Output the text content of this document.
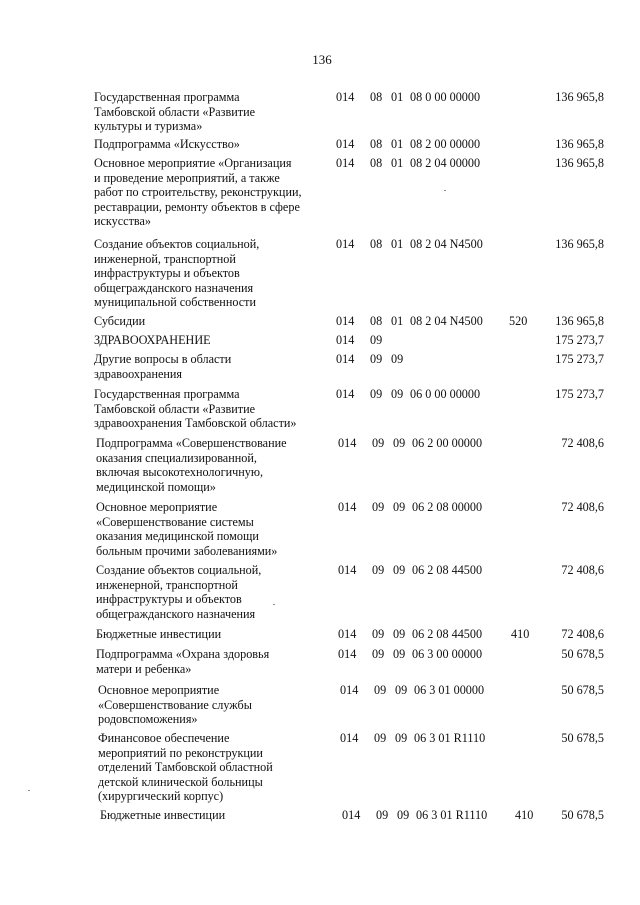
136
Государственная программа
Тамбовской области «Развитие
культуры и туризма»
014 08 01 08 0 00 00000	136 965,8
Подпрограмма «Искусство»	014 08 01 08 2 00 00000	136 965,8
Основное мероприятие «Организация
и проведение мероприятий, а также
работ по строительству, реконструкции,
реставрации, ремонту объектов в сфере
искусства»
014 08 01 08 2 04 00000	136 965,8
Создание объектов социальной,
инженерной, транспортной
инфраструктуры и объектов
общегражданского назначения
муниципальной собственности
014 08 01 08 2 04 N4500	136 965,8
Субсидии	014 08 01 08 2 04 N4500 520 136 965,8
ЗДРАВООХРАНЕНИЕ	014 09	175 273,7
Другие вопросы в области
здравоохранения
014 09 09	175 273,7
Государственная программа
Тамбовской области «Развитие
здравоохранения Тамбовской области»
014 09 09 06 0 00 00000	175 273,7
Подпрограмма «Совершенствование
оказания специализированной,
включая высокотехнологичную,
медицинской помощи»
014 09 09 06 2 00 00000	72 408,6
Основное мероприятие
«Совершенствование системы
оказания медицинской помощи
больным прочими заболеваниями»
014 09 09 06 2 08 00000	72 408,6
Создание объектов социальной,
инженерной, транспортной
инфраструктуры и объектов
общегражданского назначения
014 09 09 06 2 08 44500	72 408,6
Бюджетные инвестиции	014 09 09 06 2 08 44500 410	72 408,6
Подпрограмма «Охрана здоровья
матери и ребенка»
014 09 09 06 3 00 00000	50 678,5
Основное мероприятие
«Совершенствование службы
родовспоможения»
014 09 09 06 3 01 00000	50 678,5
Финансовое обеспечение
мероприятий по реконструкции
отделений Тамбовской областной
детской клинической больницы
(хирургический корпус)
014 09 09 06 3 01 R1110	50 678,5
Бюджетные инвестиции	014 09 09 06 3 01 R1110 410 50 678,5
